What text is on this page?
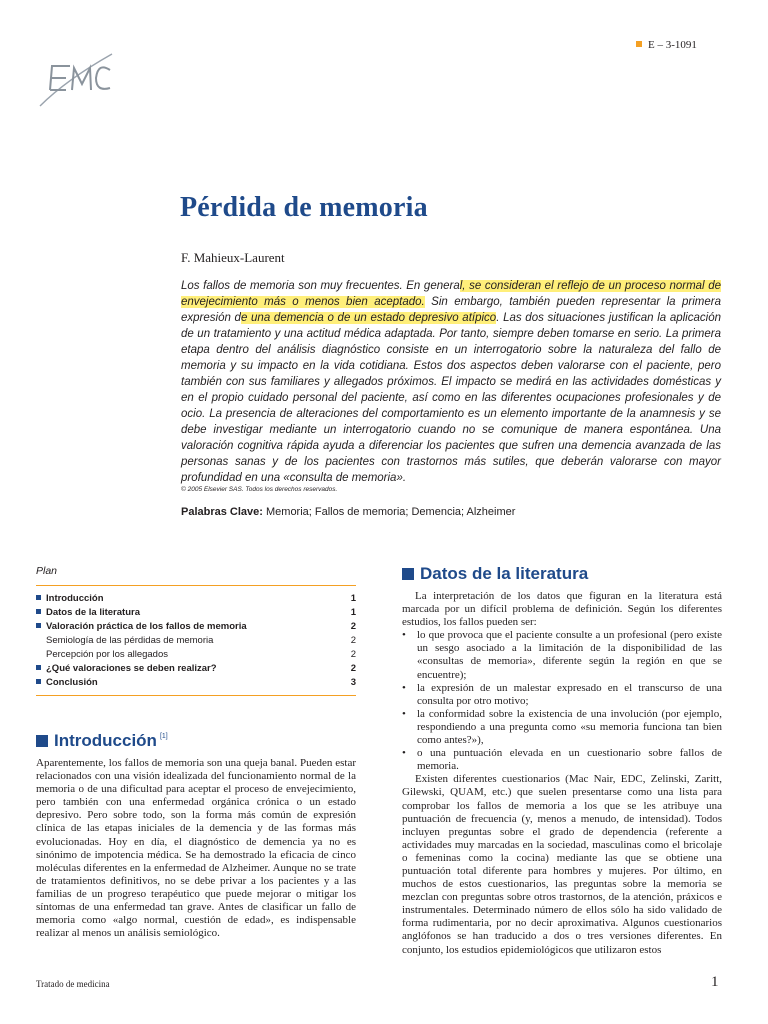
E – 3-1091
Pérdida de memoria
F. Mahieux-Laurent

Los fallos de memoria son muy frecuentes. En general, se consideran el reflejo de un proceso normal de envejecimiento más o menos bien aceptado. Sin embargo, también pueden representar la primera expresión de una demencia o de un estado depresivo atípico. Las dos situaciones justifican la aplicación de un tratamiento y una actitud médica adaptada. Por tanto, siempre deben tomarse en serio. La primera etapa dentro del análisis diagnóstico consiste en un interrogatorio sobre la naturaleza del fallo de memoria y su impacto en la vida cotidiana. Estos dos aspectos deben valorarse con el paciente, pero también con sus familiares y allegados próximos. El impacto se medirá en las actividades domésticas y en el propio cuidado personal del paciente, así como en las diferentes ocupaciones profesionales y de ocio. La presencia de alteraciones del comportamiento es un elemento importante de la anamnesis y se debe investigar mediante un interrogatorio cuando no se comunique de manera espontánea. Una valoración cognitiva rápida ayuda a diferenciar los pacientes que sufren una demencia avanzada de las personas sanas y de los pacientes con trastornos más sutiles, que deberán valorarse con mayor profundidad en una «consulta de memoria».

© 2005 Elsevier SAS. Todos los derechos reservados.
Palabras Clave: Memoria; Fallos de memoria; Demencia; Alzheimer
Plan
Introducción	1
Datos de la literatura	1
Valoración práctica de los fallos de memoria	2
Semiología de las pérdidas de memoria	2
Percepción por los allegados	2
¿Qué valoraciones se deben realizar?	2
Conclusión	3
Introducción [1]

Aparentemente, los fallos de memoria son una queja banal. Pueden estar relacionados con una visión idealizada del funcionamiento normal de la memoria o de una dificultad para aceptar el proceso de envejecimiento, pero también con una enfermedad orgánica crónica o un estado depresivo. Pero sobre todo, son la forma más común de expresión clínica de las etapas iniciales de la demencia y de las formas más evolucionadas. Hoy en día, el diagnóstico de demencia ya no es sinónimo de impotencia médica. Se ha demostrado la eficacia de cinco moléculas diferentes en la enfermedad de Alzheimer. Aunque no se trate de tratamientos definitivos, no se debe privar a los pacientes y a las familias de un progreso terapéutico que puede mejorar o mitigar los síntomas de una enfermedad tan grave. Antes de clasificar un fallo de memoria como «algo normal, cuestión de edad», es indispensable realizar al menos un análisis semiológico.

Datos de la literatura

La interpretación de los datos que figuran en la literatura está marcada por un difícil problema de definición. Según los diferentes estudios, los fallos pueden ser:

• lo que provoca que el paciente consulte a un profesional (pero existe un sesgo asociado a la limitación de la disponibilidad de las «consultas de memoria», diferente según la región en que se encuentre);
• la expresión de un malestar expresado en el transcurso de una consulta por otro motivo;
• la conformidad sobre la existencia de una involución (por ejemplo, respondiendo a una pregunta como «su memoria funciona tan bien como antes?»),
• o una puntuación elevada en un cuestionario sobre fallos de memoria.

Existen diferentes cuestionarios (Mac Nair, EDC, Zelinski, Zaritt, Gilewski, QUAM, etc.) que suelen presentarse como una lista para comprobar los fallos de memoria a los que se les atribuye una puntuación de frecuencia (y, menos a menudo, de intensidad). Todos incluyen preguntas sobre el grado de dependencia (referente a actividades muy marcadas en la sociedad, masculinas como el bricolaje o femeninas como la cocina) mediante las que se obtiene una puntuación total diferente para hombres y mujeres. Por último, en muchos de estos cuestionarios, las preguntas sobre la memoria se mezclan con preguntas sobre otros trastornos, de la atención, práxicos e instrumentales. Determinado número de ellos sólo ha sido validado de forma rudimentaria, por no decir aproximativa. Algunos cuestionarios anglófonos se han traducido a dos o tres versiones diferentes. En conjunto, los estudios epidemiológicos que utilizaron estos

Tratado de medicina	1
